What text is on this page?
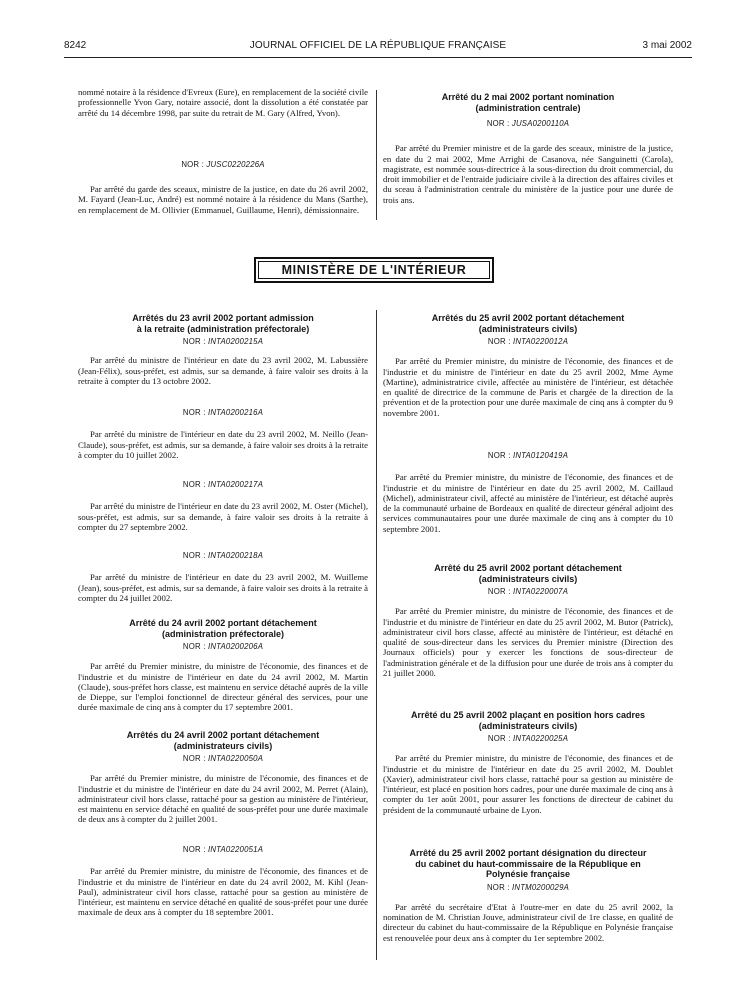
8242	JOURNAL OFFICIEL DE LA RÉPUBLIQUE FRANÇAISE	3 mai 2002

nommé notaire à la résidence d'Evreux (Eure), en remplacement de la société civile professionnelle Yvon Gary, notaire associé, dont la dissolution a été constatée par arrêté du 14 décembre 1998, par suite du retrait de M. Gary (Alfred, Yvon).

NOR : JUSC0220226A

Par arrêté du garde des sceaux, ministre de la justice, en date du 26 avril 2002, M. Fayard (Jean-Luc, André) est nommé notaire à la résidence du Mans (Sarthe), en remplacement de M. Ollivier (Emmanuel, Guillaume, Henri), démissionnaire.

Arrêté du 2 mai 2002 portant nomination
(administration centrale)

NOR : JUSA0200110A

Par arrêté du Premier ministre et de la garde des sceaux, ministre de la justice, en date du 2 mai 2002, Mme Arrighi de Casanova, née Sanguinetti (Carola), magistrate, est nommée sous-directrice à la sous-direction du droit commercial, du droit immobilier et de l'entraide judiciaire civile à la direction des affaires civiles et du sceau à l'administration centrale du ministère de la justice pour une durée de trois ans.

MINISTÈRE DE L'INTÉRIEUR

Arrêtés du 23 avril 2002 portant admission
à la retraite (administration préfectorale)

NOR : INTA0200215A

Par arrêté du ministre de l'intérieur en date du 23 avril 2002, M. Labussière (Jean-Félix), sous-préfet, est admis, sur sa demande, à faire valoir ses droits à la retraite à compter du 13 octobre 2002.

NOR : INTA0200216A

Par arrêté du ministre de l'intérieur en date du 23 avril 2002, M. Neillo (Jean-Claude), sous-préfet, est admis, sur sa demande, à faire valoir ses droits à la retraite à compter du 10 juillet 2002.

NOR : INTA0200217A

Par arrêté du ministre de l'intérieur en date du 23 avril 2002, M. Oster (Michel), sous-préfet, est admis, sur sa demande, à faire valoir ses droits à la retraite à compter du 27 septembre 2002.

NOR : INTA0200218A

Par arrêté du ministre de l'intérieur en date du 23 avril 2002, M. Wuilleme (Jean), sous-préfet, est admis, sur sa demande, à faire valoir ses droits à la retraite à compter du 24 juillet 2002.

Arrêté du 24 avril 2002 portant détachement
(administration préfectorale)

NOR : INTA0200206A

Par arrêté du Premier ministre, du ministre de l'économie, des finances et de l'industrie et du ministre de l'intérieur en date du 24 avril 2002, M. Martin (Claude), sous-préfet hors classe, est maintenu en service détaché auprès de la ville de Dieppe, sur l'emploi fonctionnel de directeur général des services, pour une durée maximale de cinq ans à compter du 17 septembre 2001.

Arrêtés du 24 avril 2002 portant détachement
(administrateurs civils)

NOR : INTA0220050A

Par arrêté du Premier ministre, du ministre de l'économie, des finances et de l'industrie et du ministre de l'intérieur en date du 24 avril 2002, M. Perret (Alain), administrateur civil hors classe, rattaché pour sa gestion au ministère de l'intérieur, est maintenu en service détaché en qualité de sous-préfet pour une durée maximale de deux ans à compter du 2 juillet 2001.

NOR : INTA0220051A

Par arrêté du Premier ministre, du ministre de l'économie, des finances et de l'industrie et du ministre de l'intérieur en date du 24 avril 2002, M. Kihl (Jean-Paul), administrateur civil hors classe, rattaché pour sa gestion au ministère de l'intérieur, est maintenu en service détaché en qualité de sous-préfet pour une durée maximale de deux ans à compter du 18 septembre 2001.

Arrêtés du 25 avril 2002 portant détachement
(administrateurs civils)

NOR : INTA0220012A

Par arrêté du Premier ministre, du ministre de l'économie, des finances et de l'industrie et du ministre de l'intérieur en date du 25 avril 2002, Mme Ayme (Martine), administratrice civile, affectée au ministère de l'intérieur, est détachée en qualité de directrice de la commune de Paris et chargée de la direction de la prévention et de la protection pour une durée maximale de cinq ans à compter du 9 novembre 2001.

NOR : INTA0120419A

Par arrêté du Premier ministre, du ministre de l'économie, des finances et de l'industrie et du ministre de l'intérieur en date du 25 avril 2002, M. Caillaud (Michel), administrateur civil, affecté au ministère de l'intérieur, est détaché auprès de la communauté urbaine de Bordeaux en qualité de directeur général adjoint des services communautaires pour une durée maximale de cinq ans à compter du 10 septembre 2001.

Arrêté du 25 avril 2002 portant détachement
(administrateurs civils)

NOR : INTA0220007A

Par arrêté du Premier ministre, du ministre de l'économie, des finances et de l'industrie et du ministre de l'intérieur en date du 25 avril 2002, M. Butor (Patrick), administrateur civil hors classe, affecté au ministère de l'intérieur, est détaché en qualité de sous-directeur dans les services du Premier ministre (Direction des Journaux officiels) pour y exercer les fonctions de sous-directeur de l'administration générale et de la diffusion pour une durée de trois ans à compter du 21 juillet 2000.

Arrêté du 25 avril 2002 plaçant en position hors cadres
(administrateurs civils)

NOR : INTA0220025A

Par arrêté du Premier ministre, du ministre de l'économie, des finances et de l'industrie et du ministre de l'intérieur en date du 25 avril 2002, M. Doublet (Xavier), administrateur civil hors classe, rattaché pour sa gestion au ministère de l'intérieur, est placé en position hors cadres, pour une durée maximale de cinq ans à compter du 1er août 2001, pour assurer les fonctions de directeur de cabinet du président de la communauté urbaine de Lyon.

Arrêté du 25 avril 2002 portant désignation du directeur
du cabinet du haut-commissaire de la République en
Polynésie française

NOR : INTM0200029A

Par arrêté du secrétaire d'Etat à l'outre-mer en date du 25 avril 2002, la nomination de M. Christian Jouve, administrateur civil de 1re classe, en qualité de directeur du cabinet du haut-commissaire de la République en Polynésie française est renouvelée pour deux ans à compter du 1er septembre 2002.
